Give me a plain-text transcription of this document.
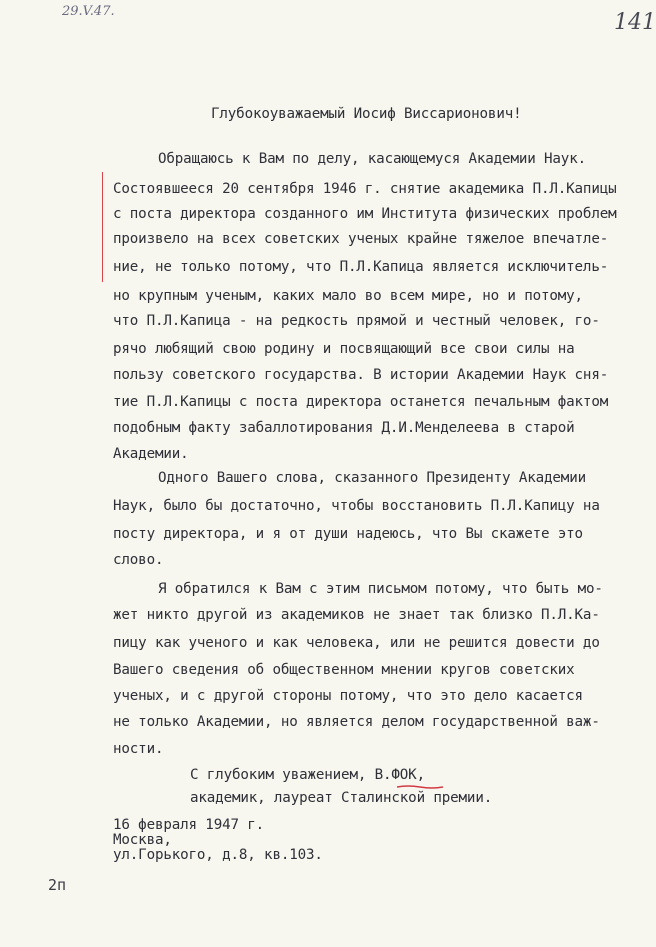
29.V.47.	141
Глубокоуважаемый Иосиф Виссарионович!
Обращаюсь к Вам по делу, касающемуся Академии Наук.
Состоявшееся 20 сентября 1946 г. снятие академика П.Л.Капицы
с поста директора созданного им Института физических проблем
произвело на всех советских ученых крайне тяжелое впечатле-
ние, не только потому, что П.Л.Капица является исключитель-
но крупным ученым, каких мало во всем мире, но и потому,
что П.Л.Капица - на редкость прямой и честный человек, го-
рячо любящий свою родину и посвящающий все свои силы на
пользу советского государства. В истории Академии Наук сня-
тие П.Л.Капицы с поста директора останется печальным фактом
подобным факту забаллотирования Д.И.Менделеева в старой
Академии.
Одного Вашего слова, сказанного Президенту Академии
Наук, было бы достаточно, чтобы восстановить П.Л.Капицу на
посту директора, и я от души надеюсь, что Вы скажете это
слово.
Я обратился к Вам с этим письмом потому, что быть мо-
жет никто другой из академиков не знает так близко П.Л.Ка-
пицу как ученого и как человека, или не решится довести до
Вашего сведения об общественном мнении кругов советских
ученых, и с другой стороны потому, что это дело касается
не только Академии, но является делом государственной важ-
ности.
С глубоким уважением, В.ФОК,
академик, лауреат Сталинской премии.
16 февраля 1947 г.
Москва,
ул.Горького, д.8, кв.103.
2п
